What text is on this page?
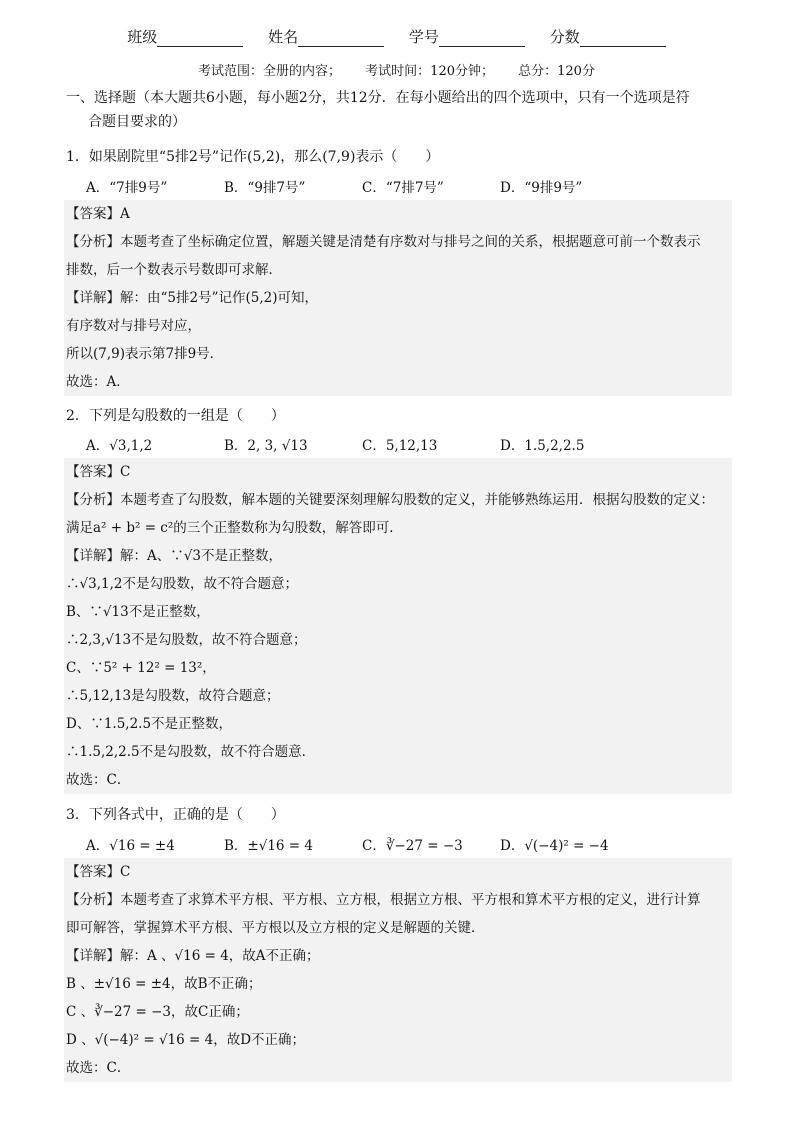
班级	姓名	学号	分数
考试范围：全册的内容； 考试时间：120分钟； 总分：120分
一、选择题（本大题共6小题，每小题2分，共12分．在每小题给出的四个选项中，只有一个选项是符
合题目要求的）
1．如果剧院里“5排2号”记作(5,2)，那么(7,9)表示（　　）
A．“7排9号”	B．“9排7号”	C．“7排7号”	D．“9排9号”
【答案】A
【分析】本题考查了坐标确定位置，解题关键是清楚有序数对与排号之间的关系，根据题意可前一个数表示
排数，后一个数表示号数即可求解．
【详解】解：由“5排2号”记作(5,2)可知，
有序数对与排号对应，
所以(7,9)表示第7排9号．
故选：A．
2．下列是勾股数的一组是（　　）
A．√3,1,2	B．2, 3, √13	C．5,12,13	D．1.5,2,2.5
【答案】C
【分析】本题考查了勾股数，解本题的关键要深刻理解勾股数的定义，并能够熟练运用．根据勾股数的定义：
满足a² + b² = c²的三个正整数称为勾股数，解答即可．
【详解】解：A、∵√3不是正整数，
∴√3,1,2不是勾股数，故不符合题意；
B、∵√13不是正整数，
∴2,3,√13不是勾股数，故不符合题意；
C、∵5² + 12² = 13²，
∴5,12,13是勾股数，故符合题意；
D、∵1.5,2.5不是正整数，
∴1.5,2,2.5不是勾股数，故不符合题意．
故选：C．
3．下列各式中，正确的是（　　）
A．√16 = ±4	B．±√16 = 4	C．∛−27 = −3	D．√(−4)² = −4
【答案】C
【分析】本题考查了求算术平方根、平方根、立方根，根据立方根、平方根和算术平方根的定义，进行计算
即可解答，掌握算术平方根、平方根以及立方根的定义是解题的关键．
【详解】解：A 、√16 = 4，故A不正确；
B 、±√16 = ±4，故B不正确；
C 、∛−27 = −3，故C正确；
D 、√(−4)² = √16 = 4，故D不正确；
故选：C．
